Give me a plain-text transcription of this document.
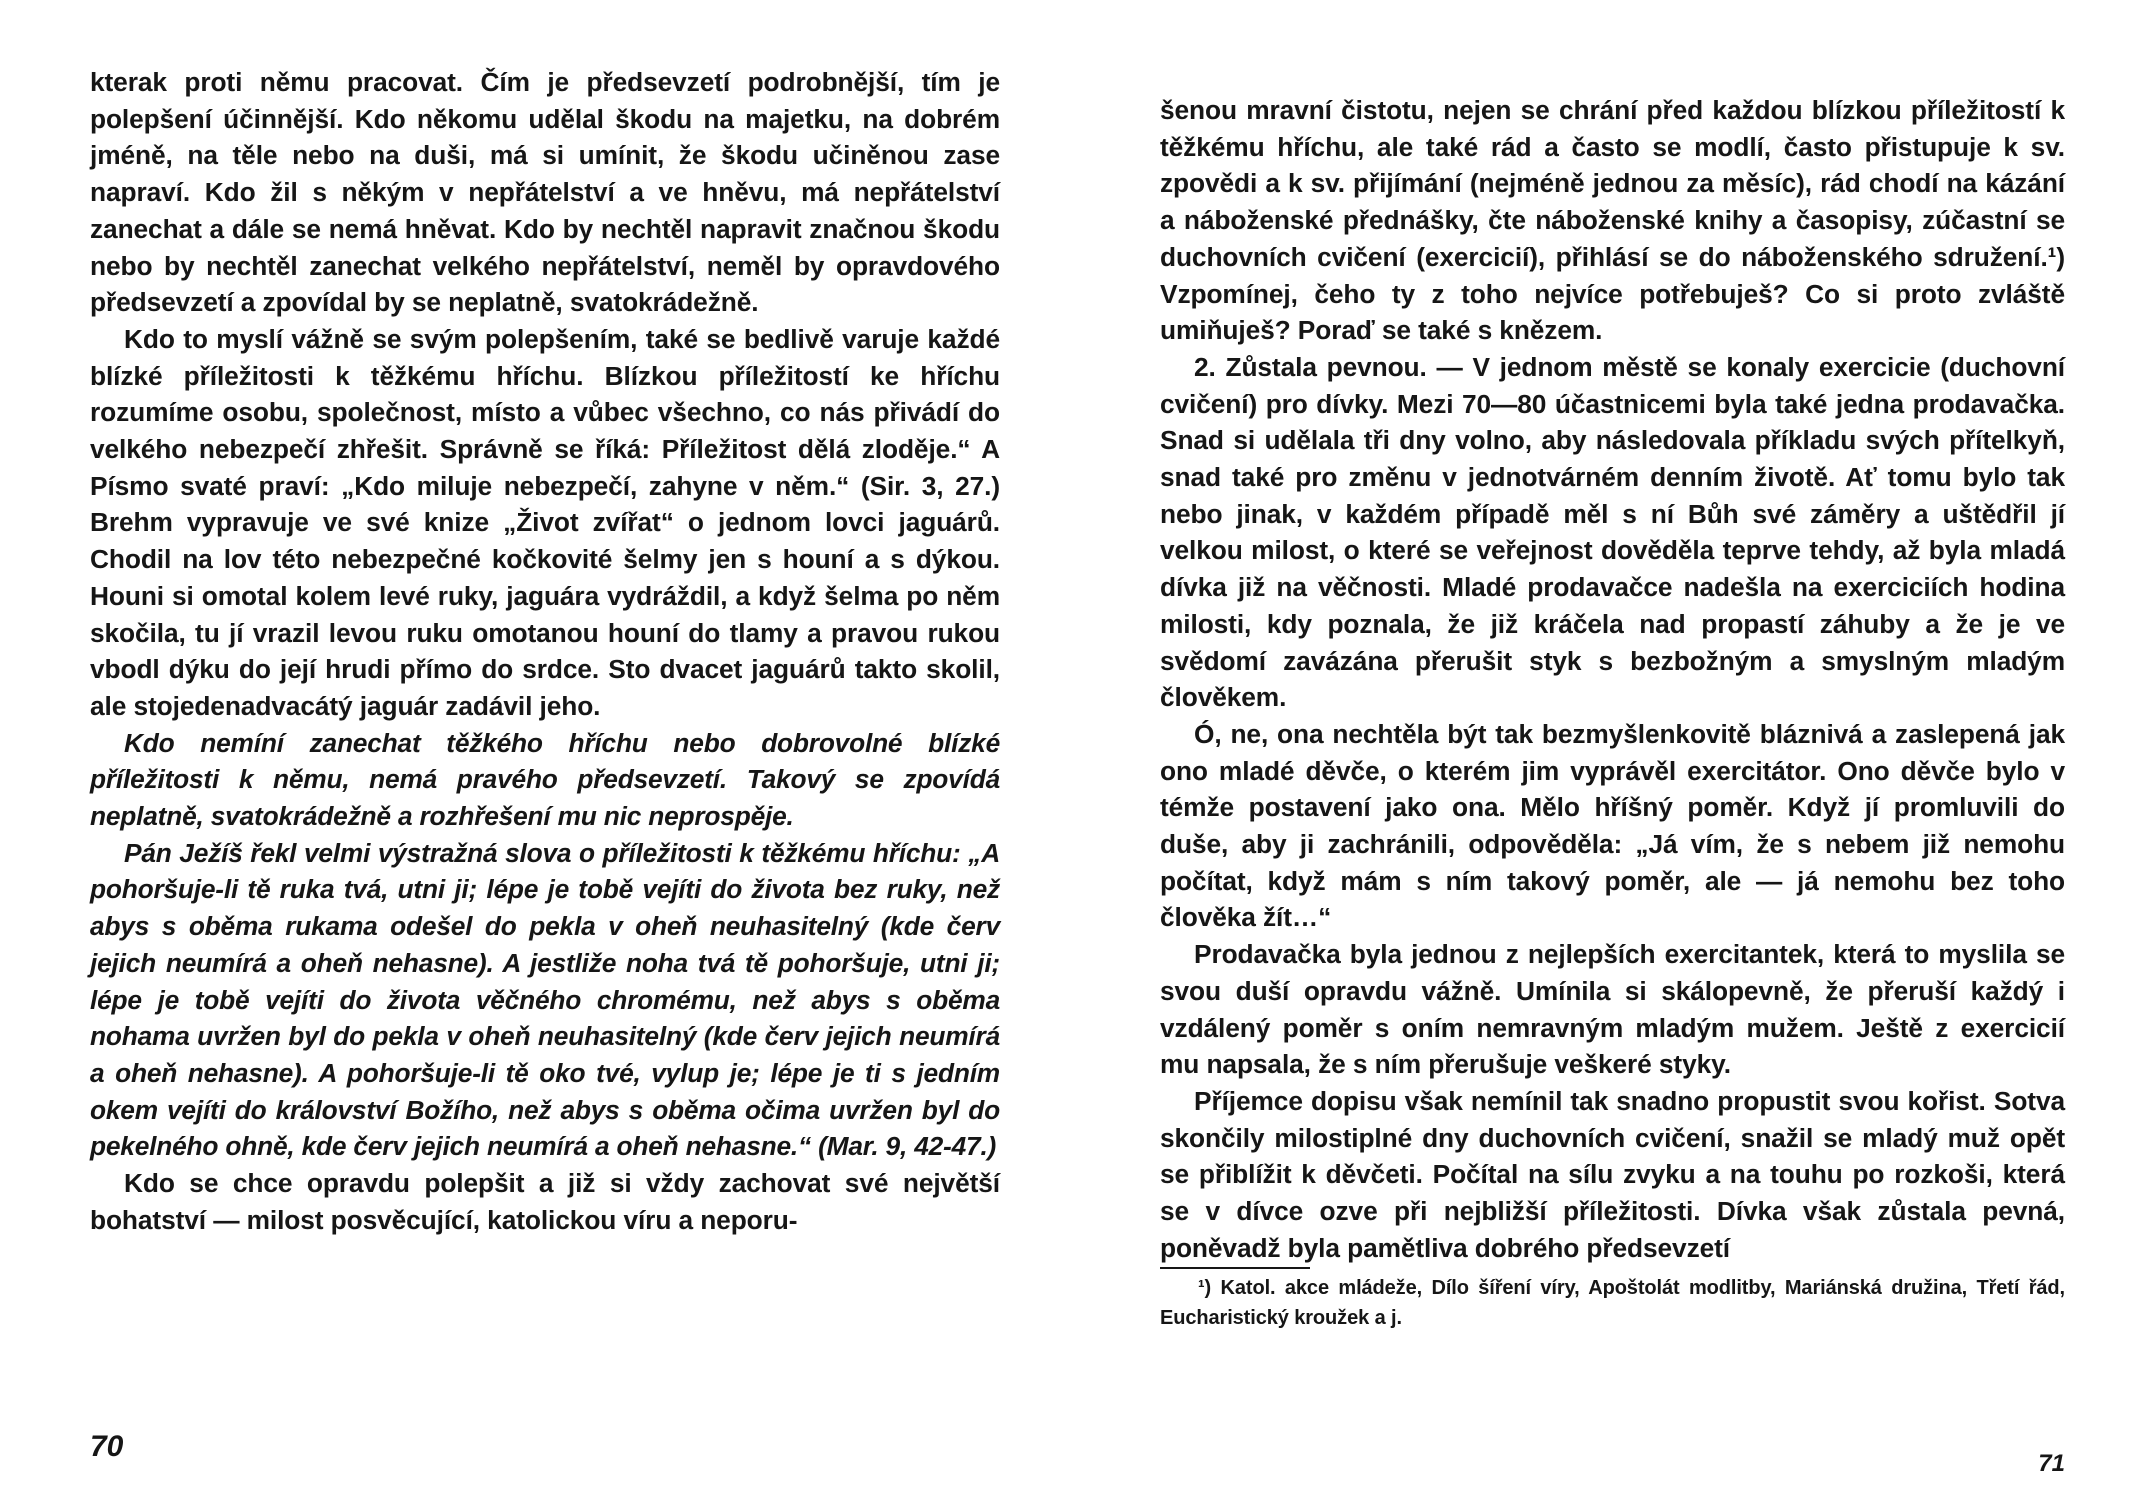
kterak proti němu pracovat. Čím je předsevzetí podrobnější, tím je polepšení účinnější. Kdo někomu udělal škodu na majetku, na dobrém jméně, na těle nebo na duši, má si umínit, že škodu učiněnou zase napraví. Kdo žil s někým v nepřátelství a ve hněvu, má nepřátelství zanechat a dále se nemá hněvat. Kdo by nechtěl napravit značnou škodu nebo by nechtěl zanechat velkého nepřátelství, neměl by opravdového předsevzetí a zpovídal by se neplatně, svatokrádežně.

Kdo to myslí vážně se svým polepšením, také se bedlivě varuje každé blízké příležitosti k těžkému hříchu. Blízkou příležitostí ke hříchu rozumíme osobu, společnost, místo a vůbec všechno, co nás přivádí do velkého nebezpečí zhřešit. Správně se říká: Příležitost dělá zloděje.“ A Písmo svaté praví: „Kdo miluje nebezpečí, zahyne v něm.“ (Sir. 3, 27.) Brehm vypravuje ve své knize „Život zvířat“ o jednom lovci jaguárů. Chodil na lov této nebezpečné kočkovité šelmy jen s houní a s dýkou. Houni si omotal kolem levé ruky, jaguára vydráždil, a když šelma po něm skočila, tu jí vrazil levou ruku omotanou houní do tlamy a pravou rukou vbodl dýku do její hrudi přímo do srdce. Sto dvacet jaguárů takto skolil, ale stojedenadvacátý jaguár zadávil jeho.

Kdo nemíní zanechat těžkého hříchu nebo dobrovolné blízké příležitosti k němu, nemá pravého předsevzetí. Takový se zpovídá neplatně, svatokrádežně a rozhřešení mu nic neprospěje.

Pán Ježíš řekl velmi výstražná slova o příležitosti k těžkému hříchu: „A pohoršuje-li tě ruka tvá, utni ji; lépe je tobě vejíti do života bez ruky, než abys s oběma rukama odešel do pekla v oheň neuhasitelný (kde červ jejich neumírá a oheň nehasne). A jestliže noha tvá tě pohoršuje, utni ji; lépe je tobě vejíti do života věčného chromému, než abys s oběma nohama uvržen byl do pekla v oheň neuhasitelný (kde červ jejich neumírá a oheň nehasne). A pohoršuje-li tě oko tvé, vylup je; lépe je ti s jedním okem vejíti do království Božího, než abys s oběma očima uvržen byl do pekelného ohně, kde červ jejich neumírá a oheň nehasne.“ (Mar. 9, 42-47.)

Kdo se chce opravdu polepšit a již si vždy zachovat své největší bohatství — milost posvěcující, katolickou víru a neporu-

70

šenou mravní čistotu, nejen se chrání před každou blízkou příležitostí k těžkému hříchu, ale také rád a často se modlí, často přistupuje k sv. zpovědi a k sv. přijímání (nejméně jednou za měsíc), rád chodí na kázání a náboženské přednášky, čte náboženské knihy a časopisy, zúčastní se duchovních cvičení (exercicií), přihlásí se do náboženského sdružení.¹) Vzpomínej, čeho ty z toho nejvíce potřebuješ? Co si proto zvláště umiňuješ? Poraď se také s knězem.

2. Zůstala pevnou. — V jednom městě se konaly exercicie (duchovní cvičení) pro dívky. Mezi 70—80 účastnicemi byla také jedna prodavačka. Snad si udělala tři dny volno, aby následovala příkladu svých přítelkyň, snad také pro změnu v jednotvárném denním životě. Ať tomu bylo tak nebo jinak, v každém případě měl s ní Bůh své záměry a uštědřil jí velkou milost, o které se veřejnost dověděla teprve tehdy, až byla mladá dívka již na věčnosti. Mladé prodavačce nadešla na exerciciích hodina milosti, kdy poznala, že již kráčela nad propastí záhuby a že je ve svědomí zavázána přerušit styk s bezbožným a smyslným mladým člověkem.

Ó, ne, ona nechtěla být tak bezmyšlenkovitě bláznivá a zaslepená jak ono mladé děvče, o kterém jim vyprávěl exercitátor. Ono děvče bylo v témže postavení jako ona. Mělo hříšný poměr. Když jí promluvili do duše, aby ji zachránili, odpověděla: „Já vím, že s nebem již nemohu počítat, když mám s ním takový poměr, ale — já nemohu bez toho člověka žít…“

Prodavačka byla jednou z nejlepších exercitantek, která to myslila se svou duší opravdu vážně. Umínila si skálopevně, že přeruší každý i vzdálený poměr s oním nemravným mladým mužem. Ještě z exercicií mu napsala, že s ním přerušuje veškeré styky.

Příjemce dopisu však nemínil tak snadno propustit svou kořist. Sotva skončily milostiplné dny duchovních cvičení, snažil se mladý muž opět se přiblížit k děvčeti. Počítal na sílu zvyku a na touhu po rozkoši, která se v dívce ozve při nejbližší příležitosti. Dívka však zůstala pevná, poněvadž byla pamětliva dobrého předsevzetí

¹) Katol. akce mládeže, Dílo šíření víry, Apoštolát modlitby, Mariánská družina, Třetí řád, Eucharistický kroužek a j.
71
